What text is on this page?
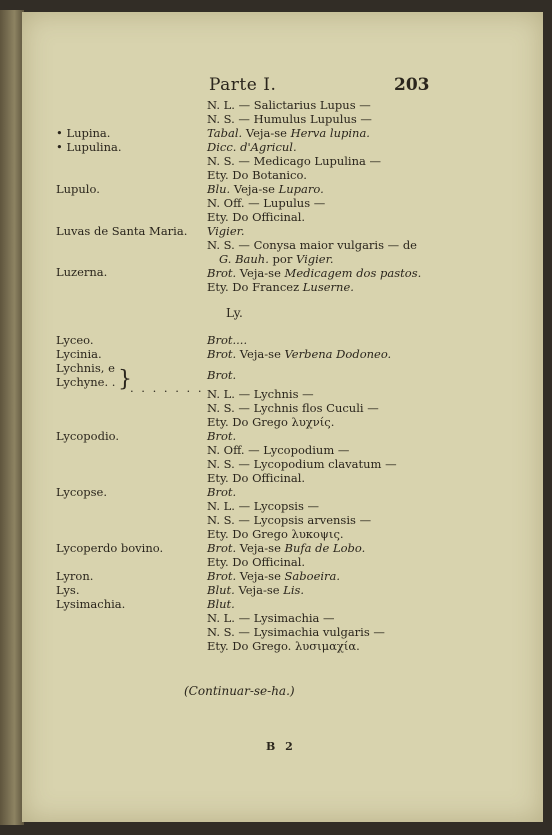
Parte I.	203
• Lupina.
• Lupulina.
Lupulo.
Luvas de Santa Maria.
Luzerna.
Lyceo.
Lycinia.
Lychnis, e
Lychyne. .
Lycopodio.
Lycopse.
Lycoperdo bovino.
Lyron.
Lys.
Lysimachia.
}
. . . . . . .
N. L. — Salictarius Lupus —
N. S. — Humulus Lupulus —
Tabal. Veja-se Herva lupina.
Dicc. d'Agricul.
N. S. — Medicago Lupulina —
Ety. Do Botanico.
Blu. Veja-se Luparo.
N. Off. — Lupulus —
Ety. Do Officinal.
Vigier.
N. S. — Conysa maior vulgaris — de
G. Bauh. por Vigier.
Brot. Veja-se Medicagem dos pastos.
Ety. Do Francez Luserne.
Ly.
Brot....
Brot. Veja-se Verbena Dodoneo.
Brot.
N. L. — Lychnis —
N. S. — Lychnis flos Cuculi —
Ety. Do Grego λυχνίς.
Brot.
N. Off. — Lycopodium —
N. S. — Lycopodium clavatum —
Ety. Do Officinal.
Brot.
N. L. — Lycopsis —
N. S. — Lycopsis arvensis —
Ety. Do Grego λυκοψις.
Brot. Veja-se Bufa de Lobo.
Ety. Do Officinal.
Brot. Veja-se Saboeira.
Blut. Veja-se Lis.
Blut.
N. L. — Lysimachia —
N. S. — Lysimachia vulgaris —
Ety. Do Grego. λυσιμαχία.
(Continuar-se-ha.)
B 2
